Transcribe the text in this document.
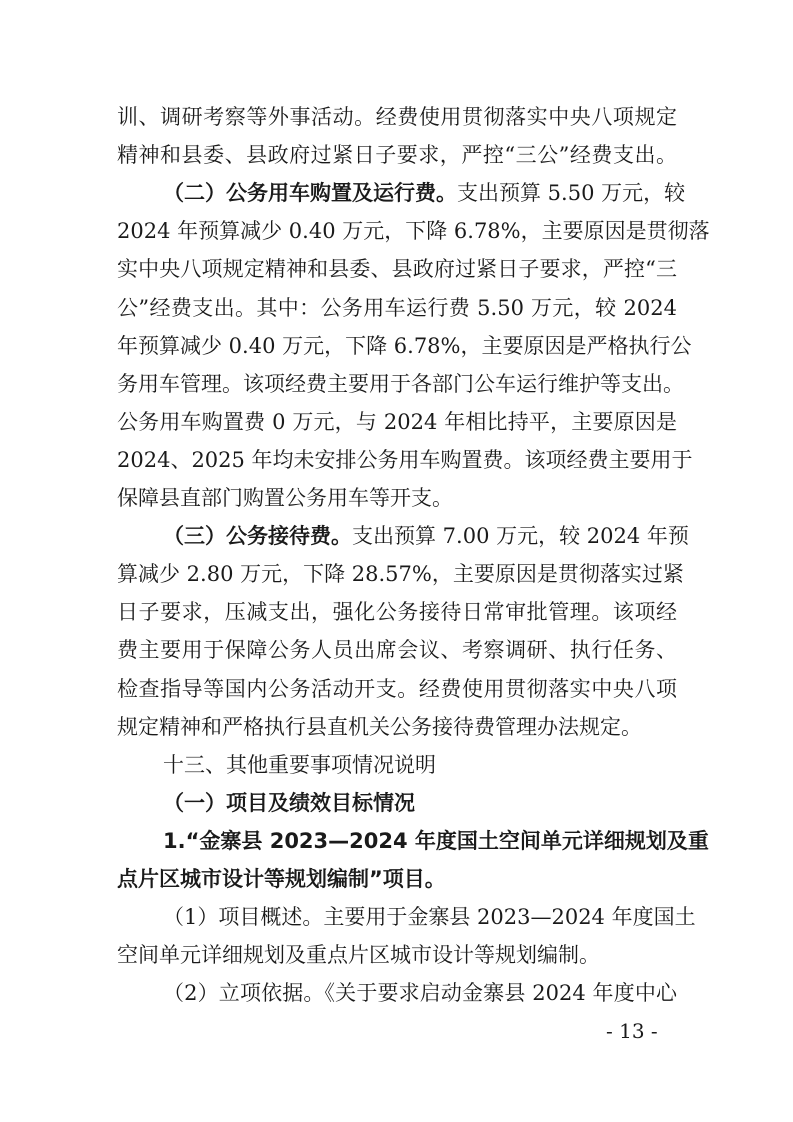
训、调研考察等外事活动。经费使用贯彻落实中央八项规定
精神和县委、县政府过紧日子要求，严控“三公”经费支出。
（二）公务用车购置及运行费。支出预算 5.50 万元，较
2024 年预算减少 0.40 万元，下降 6.78%，主要原因是贯彻落
实中央八项规定精神和县委、县政府过紧日子要求，严控“三
公”经费支出。其中：公务用车运行费 5.50 万元，较 2024
年预算减少 0.40 万元，下降 6.78%，主要原因是严格执行公
务用车管理。该项经费主要用于各部门公车运行维护等支出。
公务用车购置费 0 万元，与 2024 年相比持平，主要原因是
2024、2025 年均未安排公务用车购置费。该项经费主要用于
保障县直部门购置公务用车等开支。
（三）公务接待费。支出预算 7.00 万元，较 2024 年预
算减少 2.80 万元，下降 28.57%，主要原因是贯彻落实过紧
日子要求，压减支出，强化公务接待日常审批管理。该项经
费主要用于保障公务人员出席会议、考察调研、执行任务、
检查指导等国内公务活动开支。经费使用贯彻落实中央八项
规定精神和严格执行县直机关公务接待费管理办法规定。
十三、其他重要事项情况说明
（一）项目及绩效目标情况
1.“金寨县 2023—2024 年度国土空间单元详细规划及重
点片区城市设计等规划编制”项目。
（1）项目概述。主要用于金寨县 2023—2024 年度国土
空间单元详细规划及重点片区城市设计等规划编制。
（2）立项依据。《关于要求启动金寨县 2024 年度中心
- 13 -
